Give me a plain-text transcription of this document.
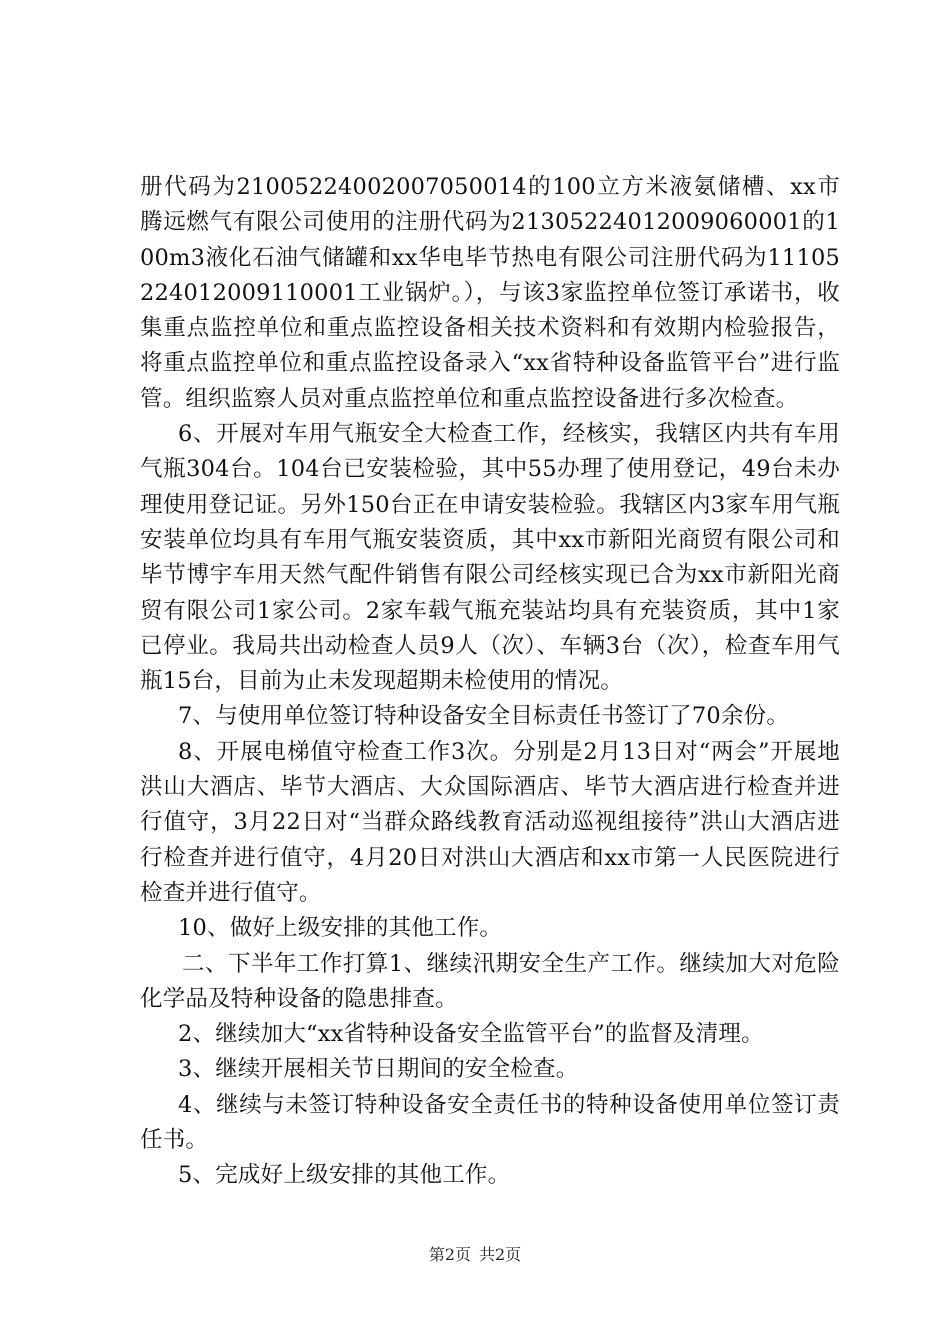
册代码为21005224002007050014的100立方米液氨储槽、xx市腾远燃气有限公司使用的注册代码为21305224012009060001的100m3液化石油气储罐和xx华电毕节热电有限公司注册代码为11105224012009110001工业锅炉。），与该3家监控单位签订承诺书，收集重点监控单位和重点监控设备相关技术资料和有效期内检验报告，将重点监控单位和重点监控设备录入“xx省特种设备监管平台”进行监管。组织监察人员对重点监控单位和重点监控设备进行多次检查。

6、开展对车用气瓶安全大检查工作，经核实，我辖区内共有车用气瓶304台。104台已安装检验，其中55办理了使用登记，49台未办理使用登记证。另外150台正在申请安装检验。我辖区内3家车用气瓶安装单位均具有车用气瓶安装资质，其中xx市新阳光商贸有限公司和毕节博宇车用天然气配件销售有限公司经核实现已合为xx市新阳光商贸有限公司1家公司。2家车载气瓶充装站均具有充装资质，其中1家已停业。我局共出动检查人员9人（次）、车辆3台（次），检查车用气瓶15台，目前为止未发现超期未检使用的情况。

7、与使用单位签订特种设备安全目标责任书签订了70余份。

8、开展电梯值守检查工作3次。分别是2月13日对“两会”开展地洪山大酒店、毕节大酒店、大众国际酒店、毕节大酒店进行检查并进行值守，3月22日对“当群众路线教育活动巡视组接待”洪山大酒店进行检查并进行值守，4月20日对洪山大酒店和xx市第一人民医院进行检查并进行值守。

10、做好上级安排的其他工作。

二、下半年工作打算1、继续汛期安全生产工作。继续加大对危险化学品及特种设备的隐患排查。

2、继续加大“xx省特种设备安全监管平台”的监督及清理。

3、继续开展相关节日期间的安全检查。

4、继续与未签订特种设备安全责任书的特种设备使用单位签订责任书。

5、完成好上级安排的其他工作。

第2页 共2页
